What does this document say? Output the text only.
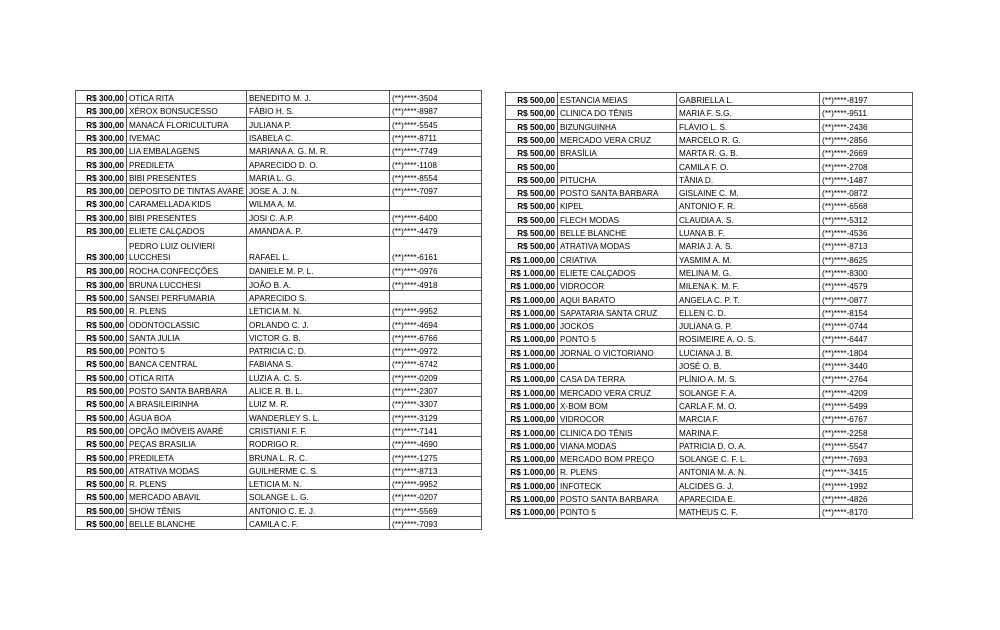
R$ 300,00	OTICA RITA	BENEDITO M. J.	(**)****-3504
R$ 300,00	XÉROX BONSUCESSO	FÁBIO H. S.	(**)****-8987
R$ 300,00	MANACÁ FLORICULTURA	JULIANA P.	(**)****-5545
R$ 300,00	IVEMAC	ISABELA C.	(**)****-8711
R$ 300,00	LIA EMBALAGENS	MARIANA A. G. M. R.	(**)****-7749
R$ 300,00	PREDILETA	APARECIDO D. O.	(**)****-1108
R$ 300,00	BIBI PRESENTES	MARIA L. G.	(**)****-8554
R$ 300,00	DEPOSITO DE TINTAS AVARÉ	JOSE A. J. N.	(**)****-7097
R$ 300,00	CARAMELLADA KIDS	WILMA A. M.	
R$ 300,00	BIBI PRESENTES	JOSI C. A.P.	(**)****-6400
R$ 300,00	ELIETE CALÇADOS	AMANDA A. P.	(**)****-4479
R$ 300,00	PEDRO LUIZ OLIVIERI LUCCHESI	RAFAEL L.	(**)****-6161
R$ 300,00	ROCHA CONFECÇÕES	DANIELE M. P. L.	(**)****-0976
R$ 300,00	BRUNA LUCCHESI	JOÃO B. A.	(**)****-4918
R$ 500,00	SANSEI PERFUMARIA	APARECIDO S.	
R$ 500,00	R. PLENS	LETICIA M. N.	(**)****-9952
R$ 500,00	ODONTOCLASSIC	ORLANDO C. J.	(**)****-4694
R$ 500,00	SANTA JULIA	VICTOR G. B.	(**)****-6766
R$ 500,00	PONTO 5	PATRICIA C. D.	(**)****-0972
R$ 500,00	BANCA CENTRAL	FABIANA S.	(**)****-6742
R$ 500,00	OTICA RITA	LUZIA A. C. S.	(**)****-0209
R$ 500,00	POSTO SANTA BARBARA	ALICE R. B. L.	(**)****-2307
R$ 500,00	A BRASILEIRINHA	LUIZ M. R.	(**)****-3307
R$ 500,00	ÁGUA BOA	WANDERLEY S. L.	(**)****-3129
R$ 500,00	OPÇÃO IMÓVEIS AVARÉ	CRISTIANI F. F.	(**)****-7141
R$ 500,00	PEÇAS BRASILIA	RODRIGO R.	(**)****-4690
R$ 500,00	PREDILETA	BRUNA L. R. C.	(**)****-1275
R$ 500,00	ATRATIVA MODAS	GUILHERME C. S.	(**)****-8713
R$ 500,00	R. PLENS	LETICIA M. N.	(**)****-9952
R$ 500,00	MERCADO ABAVIL	SOLANGE L. G.	(**)****-0207
R$ 500,00	SHOW TÊNIS	ANTONIO C. E. J.	(**)****-5569
R$ 500,00	BELLE BLANCHE	CAMILA C. F.	(**)****-7093
R$ 500,00	ESTANCIA MEIAS	GABRIELLA L.	(**)****-8197
R$ 500,00	CLINICA DO TÊNIS	MARIA F. S.G.	(**)****-9511
R$ 500,00	BIZUNGUINHA	FLÁVIO L. S.	(**)****-2436
R$ 500,00	MERCADO VERA CRUZ	MARCELO R. G.	(**)****-2856
R$ 500,00	BRASÍLIA	MARTA R. G. B.	(**)****-2669
R$ 500,00		CAMILA F. O.	(**)****-2708
R$ 500,00	PITUCHA	TÂNIA D.	(**)****-1487
R$ 500,00	POSTO SANTA BARBARA	GISLAINE C. M.	(**)****-0872
R$ 500,00	KIPEL	ANTONIO F. R.	(**)****-6568
R$ 500,00	FLECH MODAS	CLAUDIA A. S.	(**)****-5312
R$ 500,00	BELLE BLANCHE	LUANA B. F.	(**)****-4536
R$ 500,00	ATRATIVA MODAS	MARIA J. A. S.	(**)****-8713
R$ 1.000,00	CRIATIVA	YASMIM A. M.	(**)****-8625
R$ 1.000,00	ELIETE CALÇADOS	MELINA M. G.	(**)****-8300
R$ 1.000,00	VIDROCOR	MILENA K. M. F.	(**)****-4579
R$ 1.000,00	AQUI BARATO	ANGELA C. P. T.	(**)****-0877
R$ 1.000,00	SAPATARIA SANTA CRUZ	ELLEN C. D.	(**)****-8154
R$ 1.000,00	JOCKOS	JULIANA G. P.	(**)****-0744
R$ 1.000,00	PONTO 5	ROSIMEIRE A. O. S.	(**)****-6447
R$ 1.000,00	JORNAL O VICTORIANO	LUCIANA J. B.	(**)****-1804
R$ 1.000,00		JOSÉ O. B.	(**)****-3440
R$ 1.000,00	CASA DA TERRA	PLÍNIO A. M. S.	(**)****-2764
R$ 1.000,00	MERCADO VERA CRUZ	SOLANGE F. A.	(**)****-4209
R$ 1.000,00	X-BOM BOM	CARLA F. M. O.	(**)****-5499
R$ 1.000,00	VIDROCOR	MARCIA F.	(**)****-6767
R$ 1.000,00	CLINICA DO TÊNIS	MARINA F.	(**)****-2258
R$ 1.000,00	VIANA MODAS	PATRICIA D. O. A.	(**)****-5547
R$ 1.000,00	MERCADO BOM PREÇO	SOLANGE C. F. L.	(**)****-7693
R$ 1.000,00	R. PLENS	ANTONIA M. A. N.	(**)****-3415
R$ 1.000,00	INFOTECK	ALCIDES G. J.	(**)****-1992
R$ 1.000,00	POSTO SANTA BARBARA	APARECIDA E.	(**)****-4826
R$ 1.000,00	PONTO 5	MATHEUS C. F.	(**)****-8170
